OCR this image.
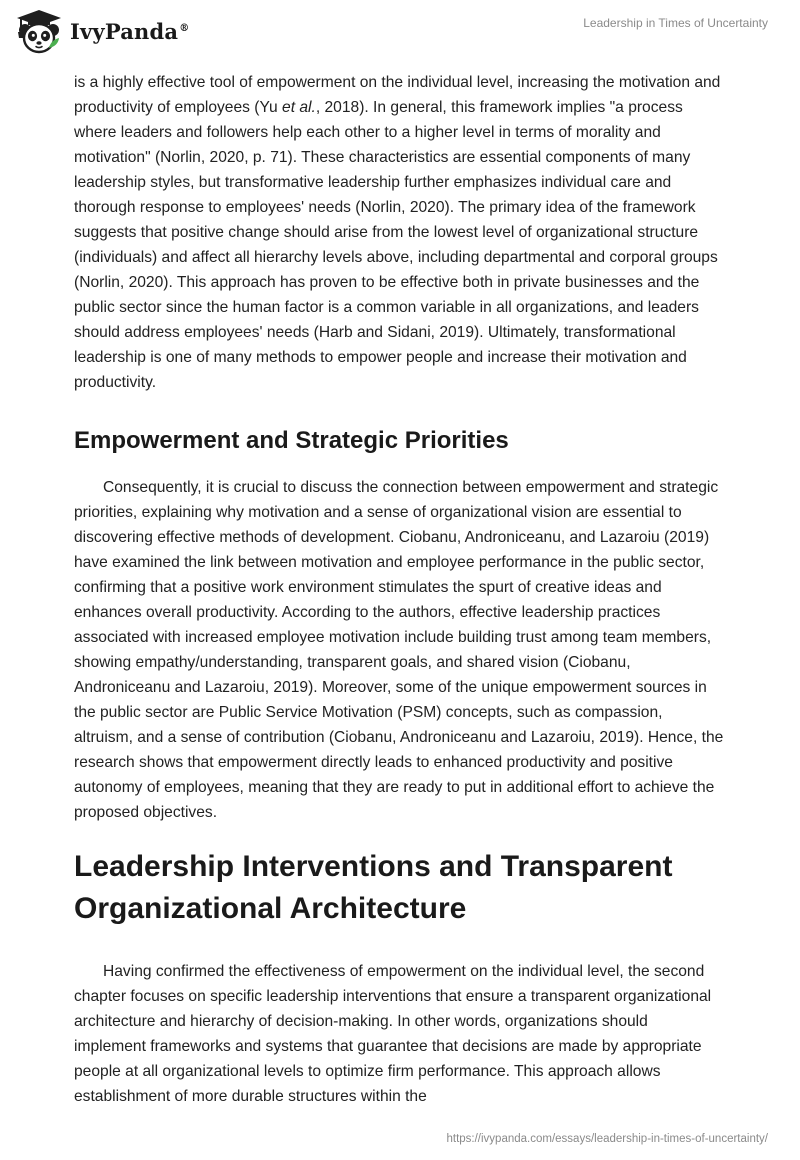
IvyPanda®	Leadership in Times of Uncertainty

is a highly effective tool of empowerment on the individual level, increasing the motivation and productivity of employees (Yu et al., 2018). In general, this framework implies "a process where leaders and followers help each other to a higher level in terms of morality and motivation" (Norlin, 2020, p. 71). These characteristics are essential components of many leadership styles, but transformative leadership further emphasizes individual care and thorough response to employees' needs (Norlin, 2020). The primary idea of the framework suggests that positive change should arise from the lowest level of organizational structure (individuals) and affect all hierarchy levels above, including departmental and corporal groups (Norlin, 2020). This approach has proven to be effective both in private businesses and the public sector since the human factor is a common variable in all organizations, and leaders should address employees' needs (Harb and Sidani, 2019). Ultimately, transformational leadership is one of many methods to empower people and increase their motivation and productivity.

Empowerment and Strategic Priorities

Consequently, it is crucial to discuss the connection between empowerment and strategic priorities, explaining why motivation and a sense of organizational vision are essential to discovering effective methods of development. Ciobanu, Androniceanu, and Lazaroiu (2019) have examined the link between motivation and employee performance in the public sector, confirming that a positive work environment stimulates the spurt of creative ideas and enhances overall productivity. According to the authors, effective leadership practices associated with increased employee motivation include building trust among team members, showing empathy/understanding, transparent goals, and shared vision (Ciobanu, Androniceanu and Lazaroiu, 2019). Moreover, some of the unique empowerment sources in the public sector are Public Service Motivation (PSM) concepts, such as compassion, altruism, and a sense of contribution (Ciobanu, Androniceanu and Lazaroiu, 2019). Hence, the research shows that empowerment directly leads to enhanced productivity and positive autonomy of employees, meaning that they are ready to put in additional effort to achieve the proposed objectives.

Leadership Interventions and Transparent Organizational Architecture

Having confirmed the effectiveness of empowerment on the individual level, the second chapter focuses on specific leadership interventions that ensure a transparent organizational architecture and hierarchy of decision-making. In other words, organizations should implement frameworks and systems that guarantee that decisions are made by appropriate people at all organizational levels to optimize firm performance. This approach allows establishment of more durable structures within the

https://ivypanda.com/essays/leadership-in-times-of-uncertainty/
